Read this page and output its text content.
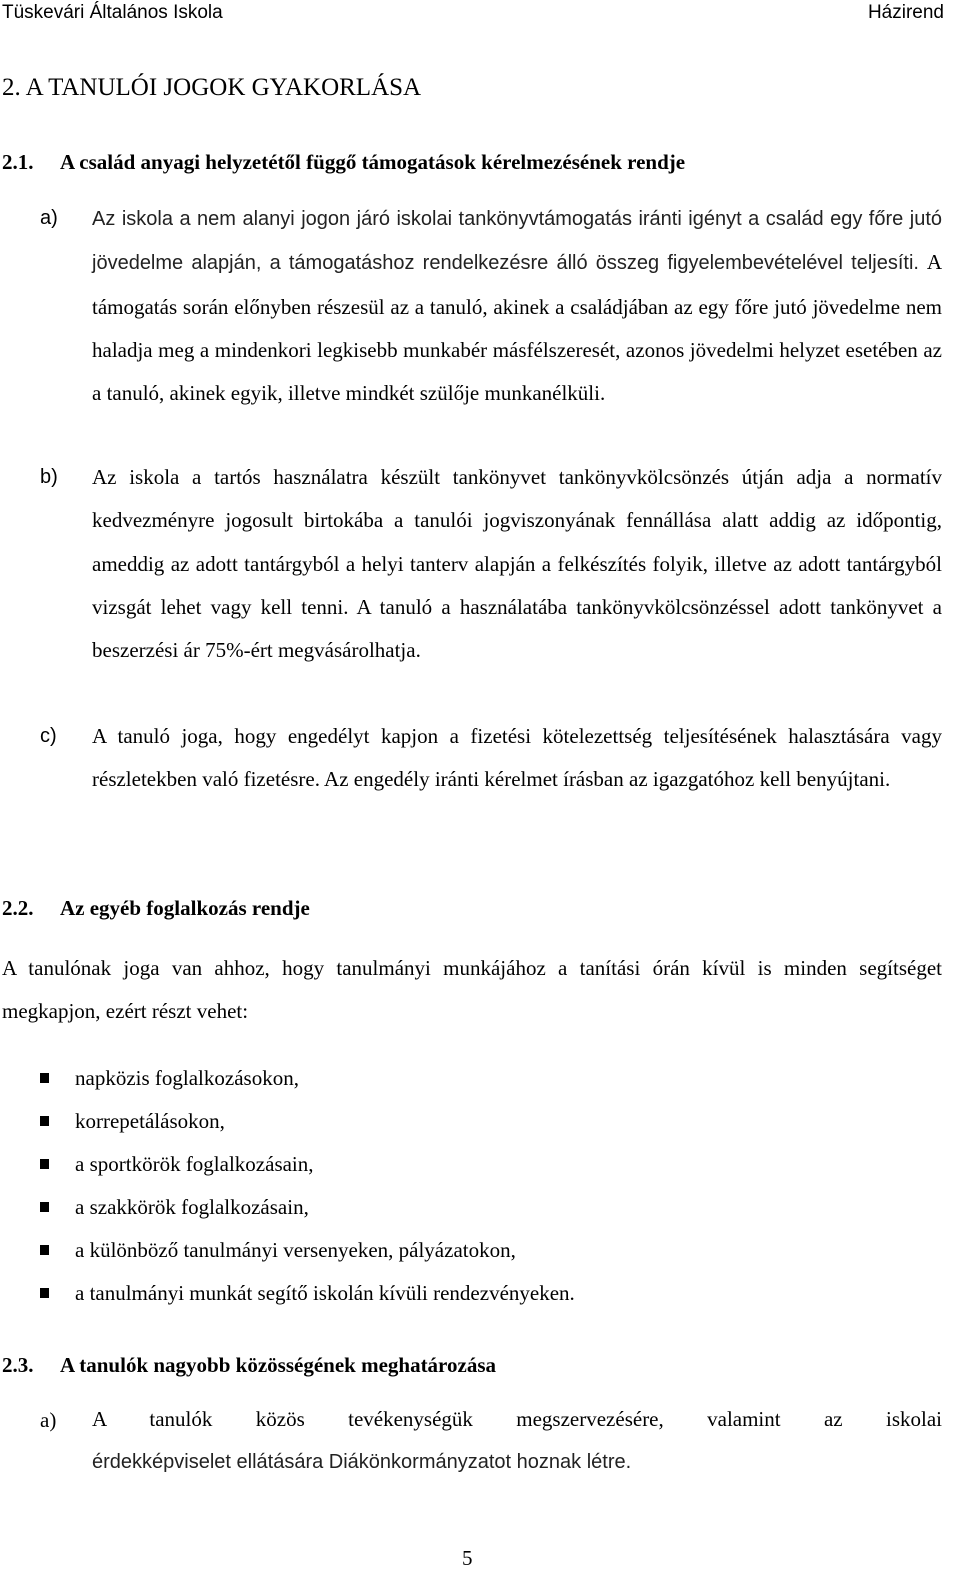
Tüskevári Általános Iskola	Házirend
2. A TANULÓI JOGOK GYAKORLÁSA
2.1. A család anyagi helyzetétől függő támogatások kérelmezésének rendje
a) Az iskola a nem alanyi jogon járó iskolai tankönyvtámogatás iránti igényt a család egy főre jutó jövedelme alapján, a támogatáshoz rendelkezésre álló összeg figyelembevételével teljesíti. A támogatás során előnyben részesül az a tanuló, akinek a családjában az egy főre jutó jövedelme nem haladja meg a mindenkori legkisebb munkabér másfélszeresét, azonos jövedelmi helyzet esetében az a tanuló, akinek egyik, illetve mindkét szülője munkanélküli.
b) Az iskola a tartós használatra készült tankönyvet tankönyvkölcsönzés útján adja a normatív kedvezményre jogosult birtokába a tanulói jogviszonyának fennállása alatt addig az időpontig, ameddig az adott tantárgyból a helyi tanterv alapján a felkészítés folyik, illetve az adott tantárgyból vizsgát lehet vagy kell tenni. A tanuló a használatába tankönyvkölcsönzéssel adott tankönyvet a beszerzési ár 75%-ért megvásárolhatja.
c) A tanuló joga, hogy engedélyt kapjon a fizetési kötelezettség teljesítésének halasztására vagy részletekben való fizetésre. Az engedély iránti kérelmet írásban az igazgatóhoz kell benyújtani.
2.2. Az egyéb foglalkozás rendje
A tanulónak joga van ahhoz, hogy tanulmányi munkájához a tanítási órán kívül is minden segítséget megkapjon, ezért részt vehet:
napközis foglalkozásokon,
korrepetálásokon,
a sportkörök foglalkozásain,
a szakkörök foglalkozásain,
a különböző tanulmányi versenyeken, pályázatokon,
a tanulmányi munkát segítő iskolán kívüli rendezvényeken.
2.3. A tanulók nagyobb közösségének meghatározása
a) A tanulók közös tevékenységük megszervezésére, valamint az iskolai
érdekképviselet ellátására Diákönkormányzatot hoznak létre.
5
